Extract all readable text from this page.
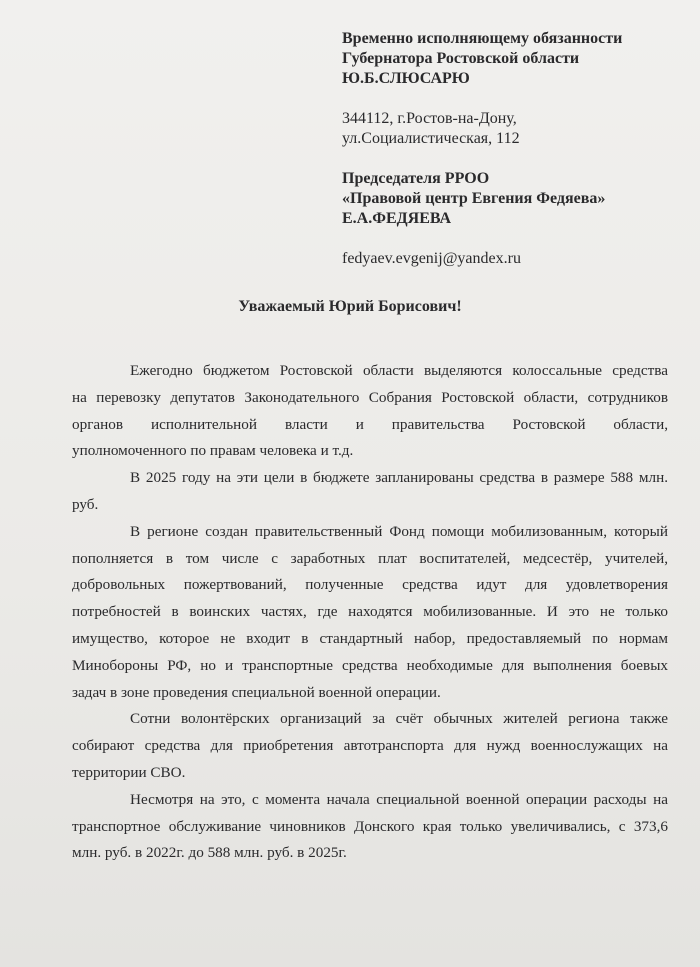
Временно исполняющему обязанности
Губернатора Ростовской области
Ю.Б.СЛЮСАРЮ
344112, г.Ростов-на-Дону,
ул.Социалистическая, 112
Председателя РРОО
«Правовой центр Евгения Федяева»
Е.А.ФЕДЯЕВА
fedyaev.evgenij@yandex.ru
Уважаемый Юрий Борисович!
Ежегодно бюджетом Ростовской области выделяются колоссальные средства
на перевозку депутатов Законодательного Собрания Ростовской области, сотрудников
органов исполнительной власти и правительства Ростовской области,
уполномоченного по правам человека и т.д.
В 2025 году на эти цели в бюджете запланированы средства в размере 588 млн.
руб.
В регионе создан правительственный Фонд помощи мобилизованным, который
пополняется в том числе с заработных плат воспитателей, медсестёр, учителей,
добровольных пожертвований, полученные средства идут для удовлетворения
потребностей в воинских частях, где находятся мобилизованные. И это не только
имущество, которое не входит в стандартный набор, предоставляемый по нормам
Минобороны РФ, но и транспортные средства необходимые для выполнения боевых
задач в зоне проведения специальной военной операции.
Сотни волонтёрских организаций за счёт обычных жителей региона также
собирают средства для приобретения автотранспорта для нужд военнослужащих на
территории СВО.
Несмотря на это, с момента начала специальной военной операции расходы на
транспортное обслуживание чиновников Донского края только увеличивались, с 373,6
млн. руб. в 2022г. до 588 млн. руб. в 2025г.
